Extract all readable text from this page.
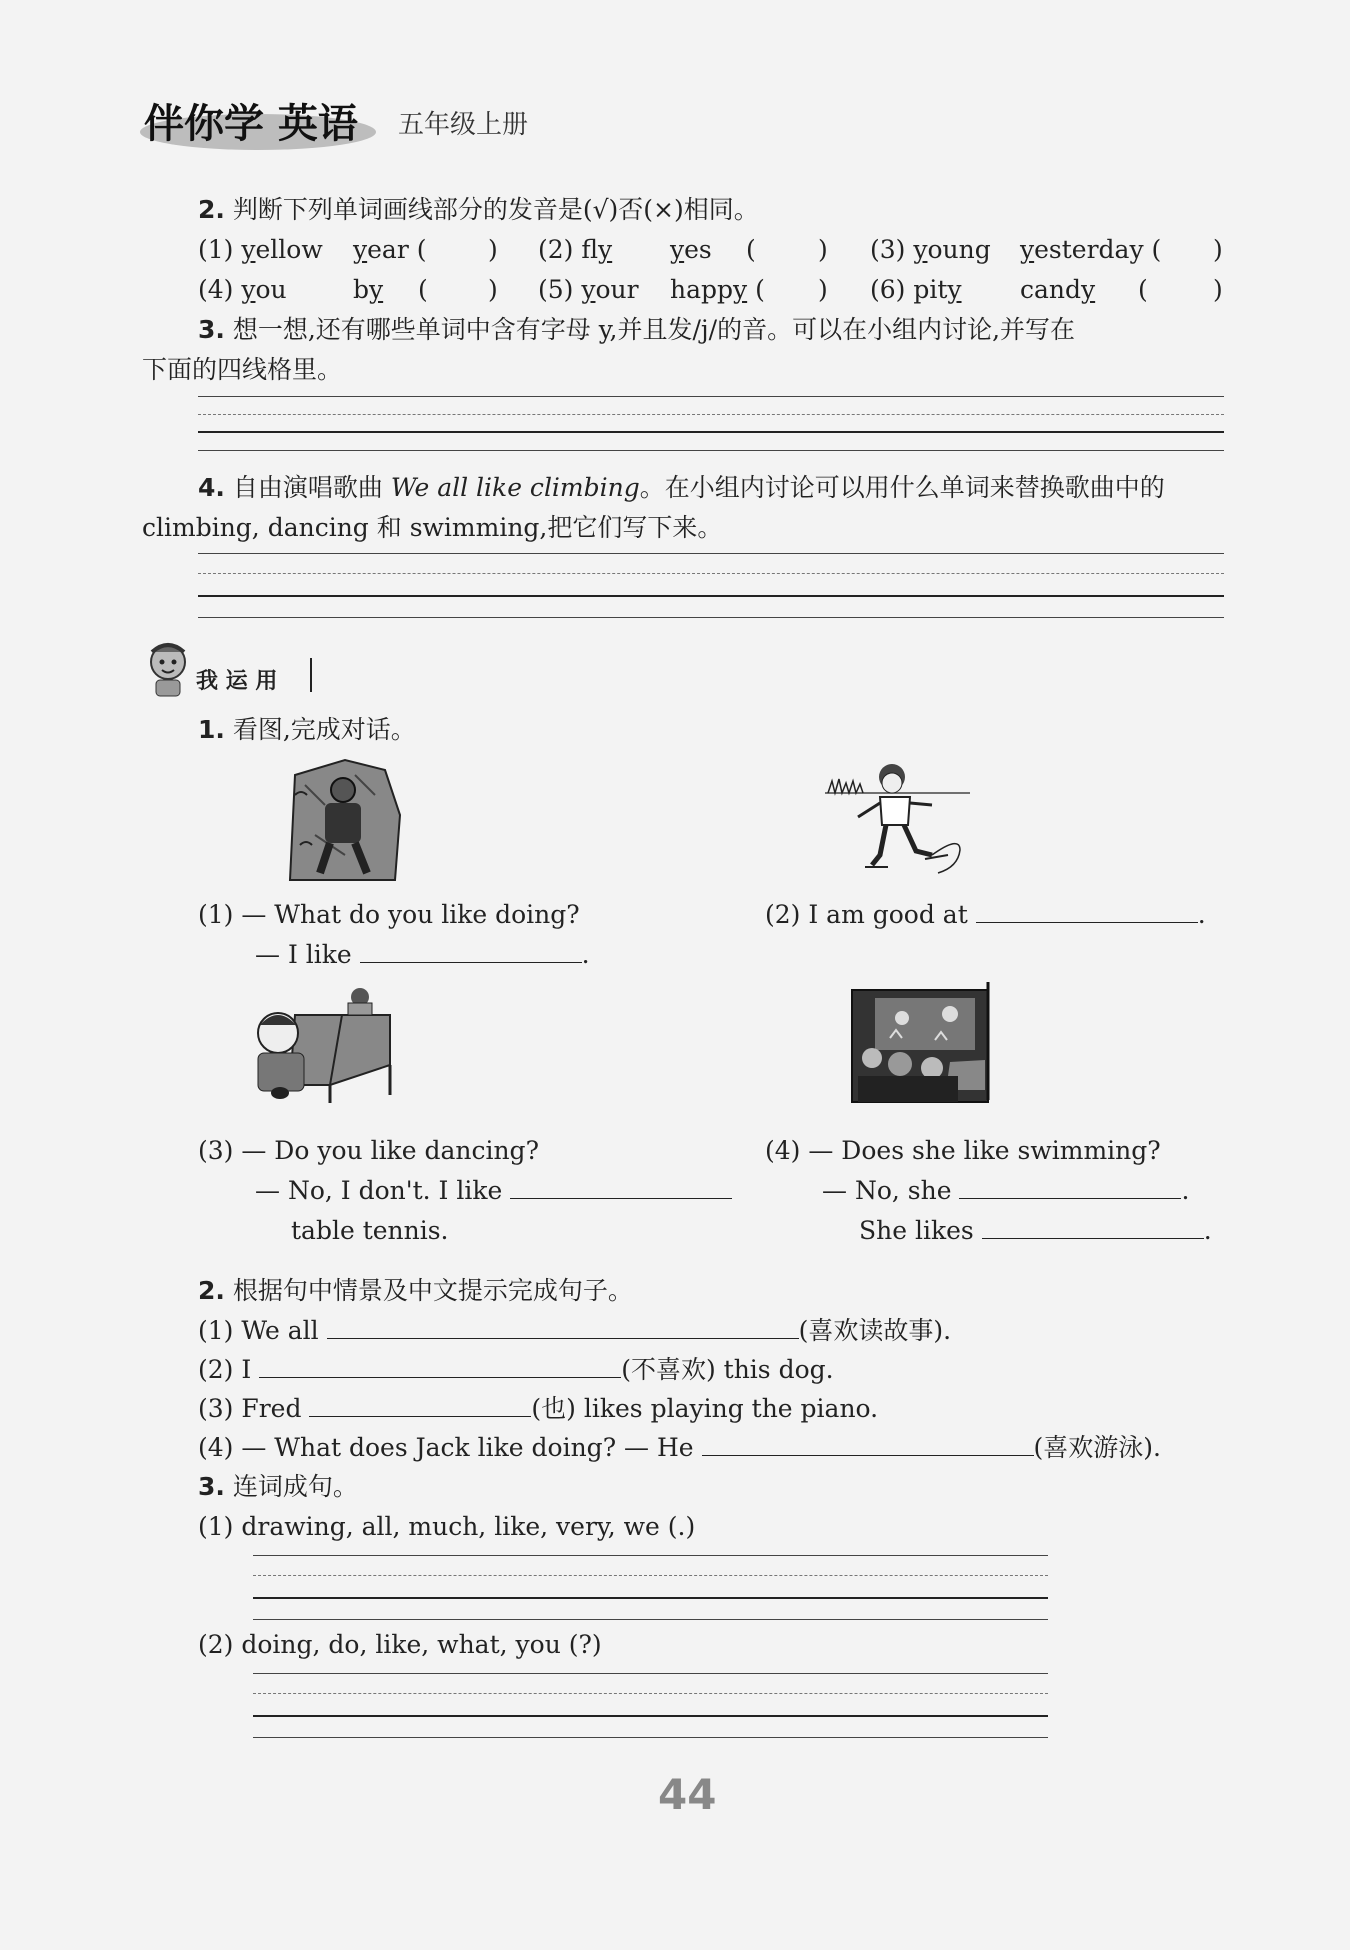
伴你学 英语 五年级上册
2. 判断下列单词画线部分的发音是(√)否(×)相同。
(1) yellow year ( ) (2) fly yes ( ) (3) young yesterday ( )
(4) you	by ( ) (5) your happy ( ) (6) pity candy (	)
3. 想一想,还有哪些单词中含有字母 y,并且发/j/的音。可以在小组内讨论,并写在
下面的四线格里。
4. 自由演唱歌曲 We all like climbing。在小组内讨论可以用什么单词来替换歌曲中的
climbing, dancing 和 swimming,把它们写下来。
我 运 用
1. 看图,完成对话。
(1) — What do you like doing?
— I like	.
(2) I am good at	.
(3) — Do you like dancing?
— No, I don't. I like
table tennis.
(4) — Does she like swimming?
— No, she	.
She likes	.
2. 根据句中情景及中文提示完成句子。
(1) We all	(喜欢读故事).
(2) I	(不喜欢) this dog.
(3) Fred	(也) likes playing the piano.
(4) — What does Jack like doing? — He	(喜欢游泳).
3. 连词成句。
(1) drawing, all, much, like, very, we (.)
(2) doing, do, like, what, you (?)
44
